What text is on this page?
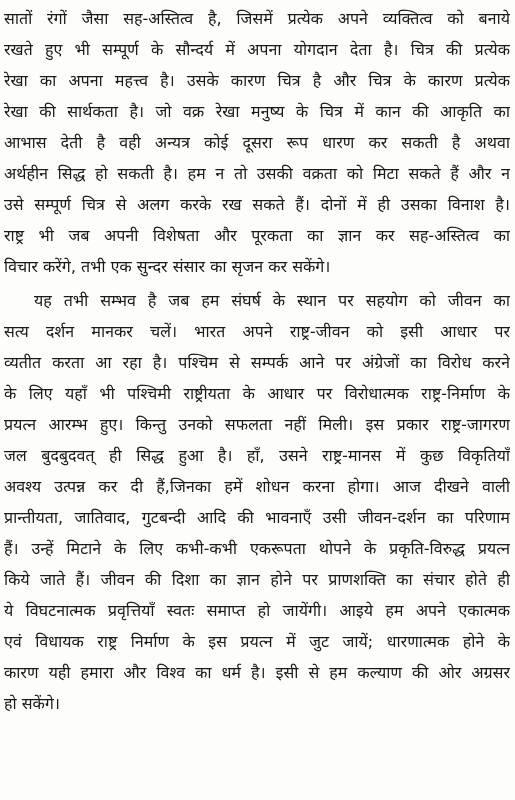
सातों रंगों जैसा सह-अस्तित्व है, जिसमें प्रत्येक अपने व्यक्तित्व को बनाये
रखते हुए भी सम्पूर्ण के सौन्दर्य में अपना योगदान देता है। चित्र की प्रत्येक
रेखा का अपना महत्त्व है। उसके कारण चित्र है और चित्र के कारण प्रत्येक
रेखा की सार्थकता है। जो वक्र रेखा मनुष्य के चित्र में कान की आकृति का
आभास देती है वही अन्यत्र कोई दूसरा रूप धारण कर सकती है अथवा
अर्थहीन सिद्ध हो सकती है। हम न तो उसकी वक्रता को मिटा सकते हैं और न
उसे सम्पूर्ण चित्र से अलग करके रख सकते हैं। दोनों में ही उसका विनाश है।
राष्ट्र भी जब अपनी विशेषता और पूरकता का ज्ञान कर सह-अस्तित्व का
विचार करेंगे, तभी एक सुन्दर संसार का सृजन कर सकेंगे।
यह तभी सम्भव है जब हम संघर्ष के स्थान पर सहयोग को जीवन का
सत्य दर्शन मानकर चलें। भारत अपने राष्ट्र-जीवन को इसी आधार पर
व्यतीत करता आ रहा है। पश्चिम से सम्पर्क आने पर अंग्रेजों का विरोध करने
के लिए यहाँ भी पश्चिमी राष्ट्रीयता के आधार पर विरोधात्मक राष्ट्र-निर्माण के
प्रयत्न आरम्भ हुए। किन्तु उनको सफलता नहीं मिली। इस प्रकार राष्ट्र-जागरण
जल बुदबुदवत् ही सिद्ध हुआ है। हाँ, उसने राष्ट्र-मानस में कुछ विकृतियाँ
अवश्य उत्पन्न कर दी हैं,जिनका हमें शोधन करना होगा। आज दीखने वाली
प्रान्तीयता, जातिवाद, गुटबन्दी आदि की भावनाएँ उसी जीवन-दर्शन का परिणाम
हैं। उन्हें मिटाने के लिए कभी-कभी एकरूपता थोपने के प्रकृति-विरुद्ध प्रयत्न
किये जाते हैं। जीवन की दिशा का ज्ञान होने पर प्राणशक्ति का संचार होते ही
ये विघटनात्मक प्रवृत्तियाँ स्वतः समाप्त हो जायेंगी। आइये हम अपने एकात्मक
एवं विधायक राष्ट्र निर्माण के इस प्रयत्न में जुट जायें; धारणात्मक होने के
कारण यही हमारा और विश्व का धर्म है। इसी से हम कल्याण की ओर अग्रसर
हो सकेंगे।
